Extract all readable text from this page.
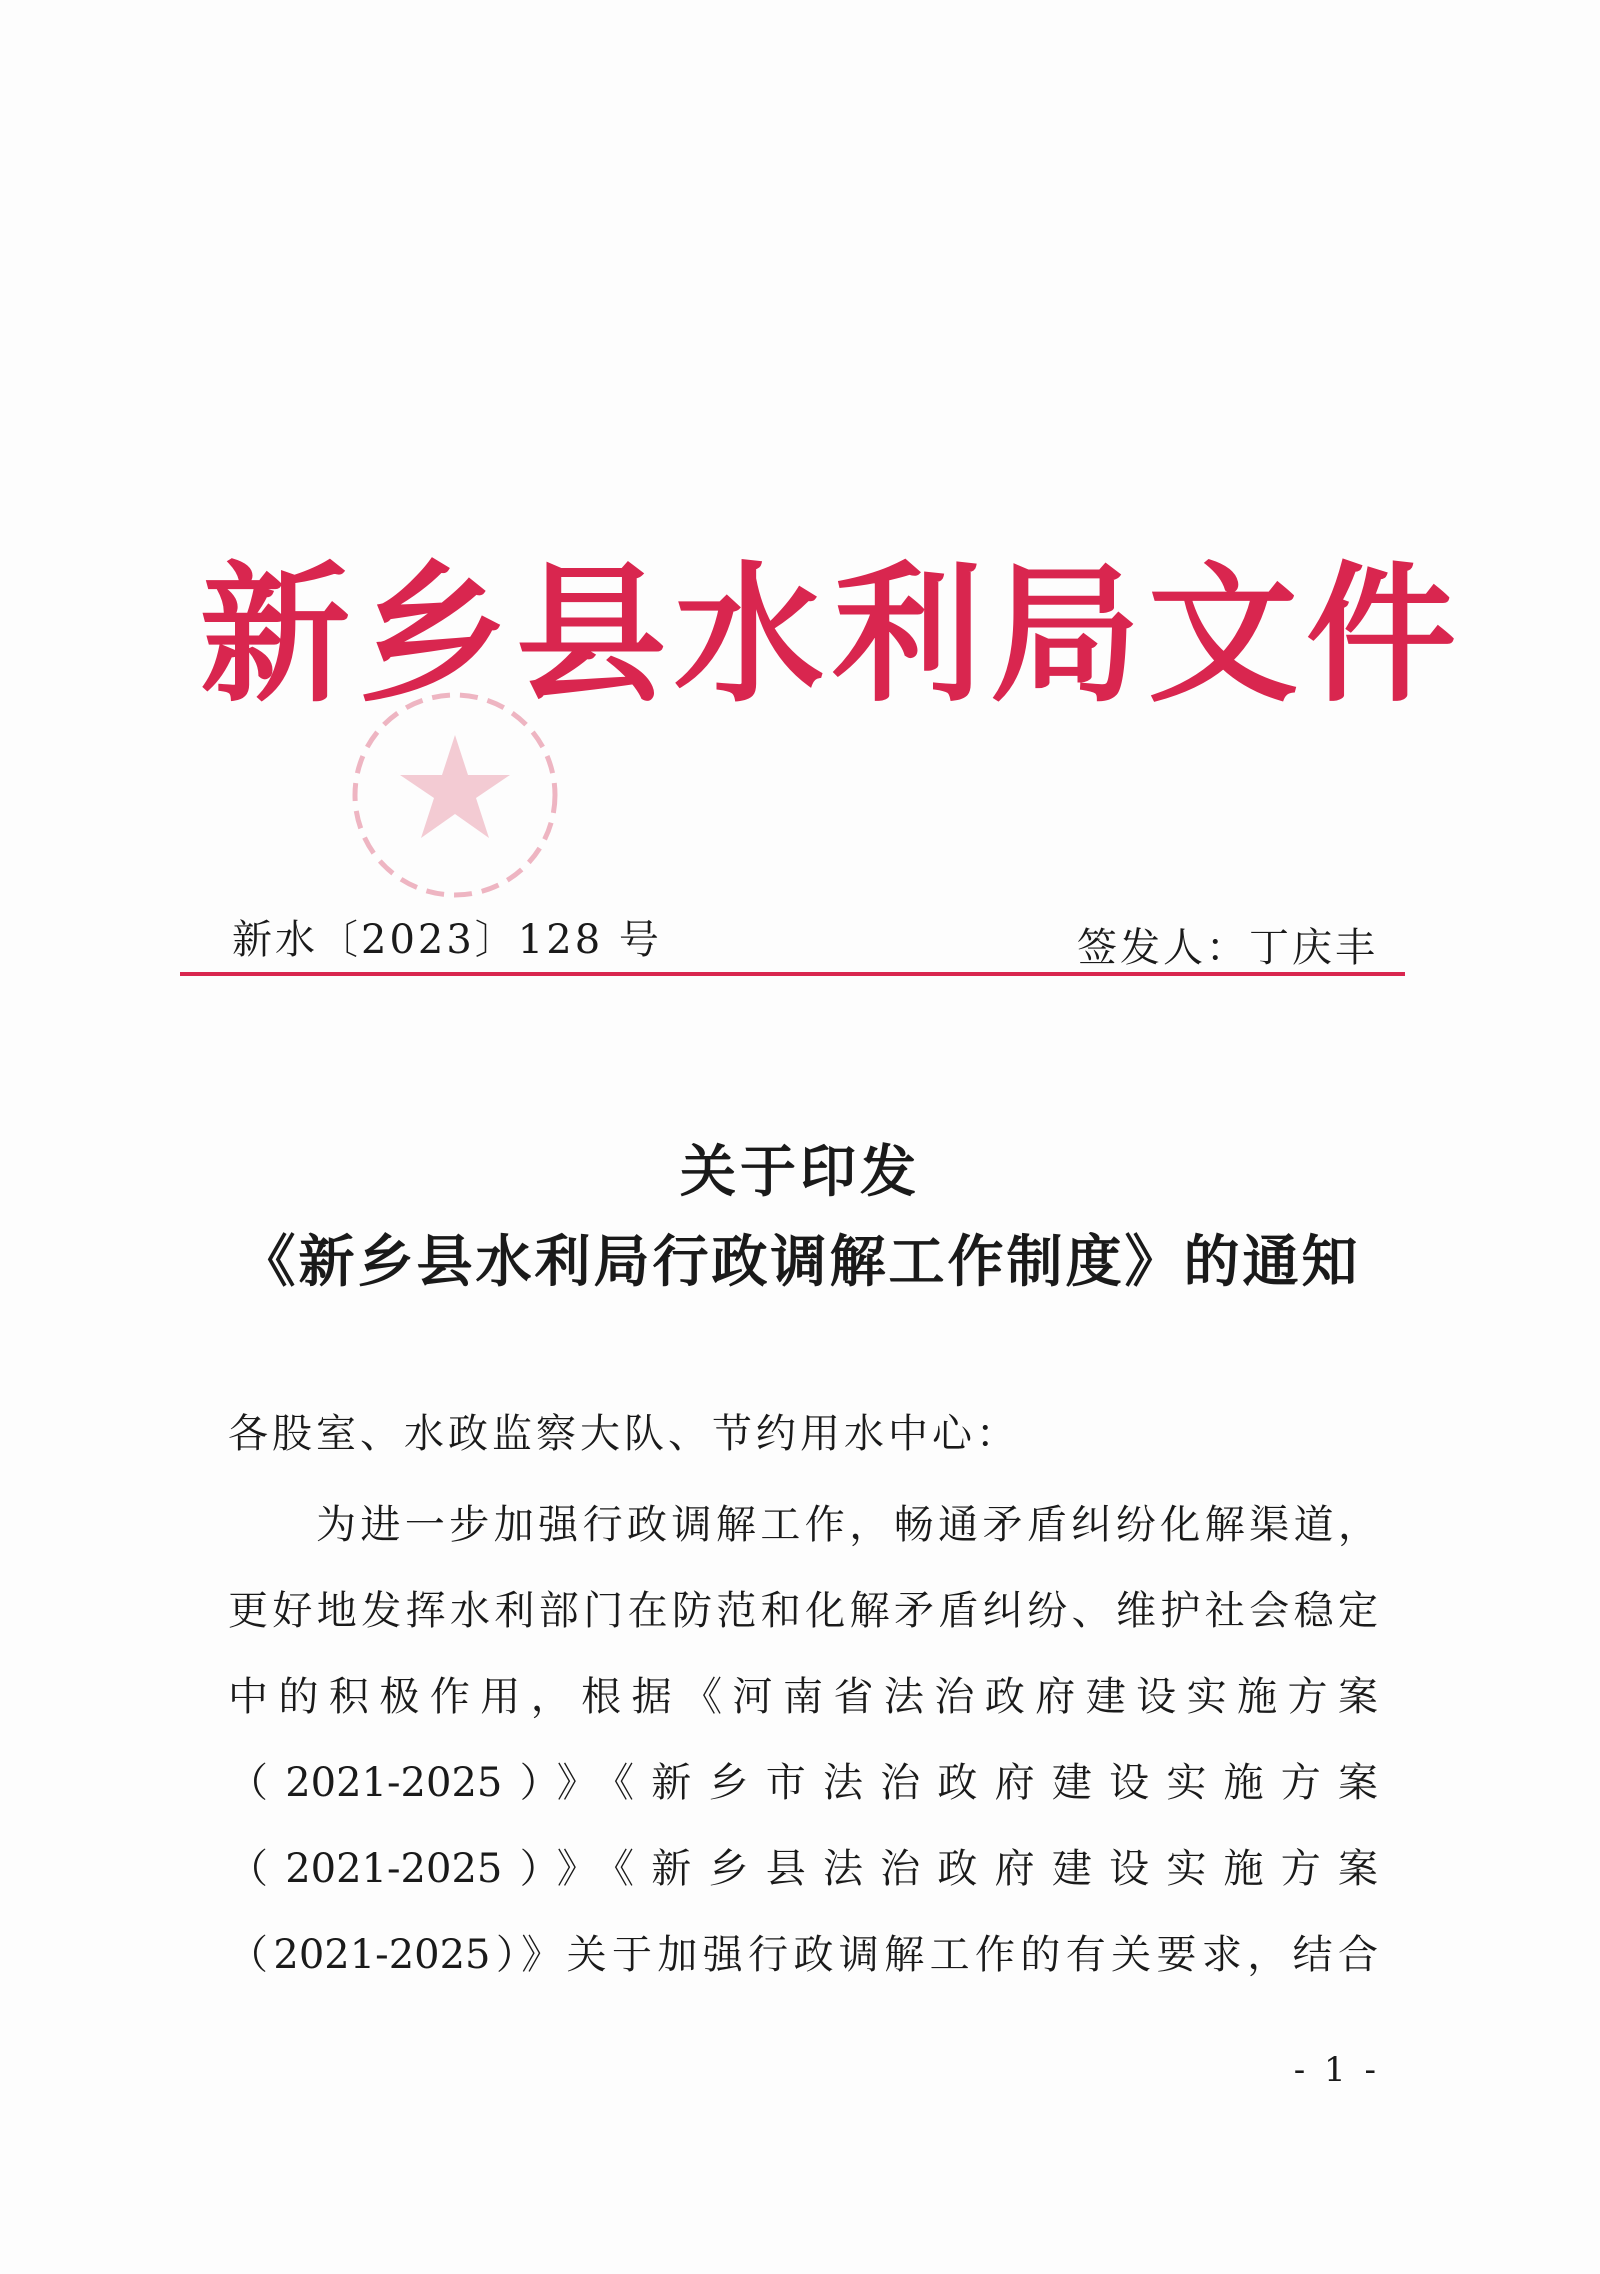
新乡县水利局文件
新水〔2023〕128 号	签发人：丁庆丰
关于印发
《新乡县水利局行政调解工作制度》的通知
各股室、水政监察大队、节约用水中心：
为进一步加强行政调解工作，畅通矛盾纠纷化解渠道，
更好地发挥水利部门在防范和化解矛盾纠纷、维护社会稳定
中的积极作用，根据《河南省法治政府建设实施方案
（2021-2025）》《新乡市法治政府建设实施方案
（2021-2025）》《新乡县法治政府建设实施方案
（2021-2025）》关于加强行政调解工作的有关要求，结合
- 1 -
